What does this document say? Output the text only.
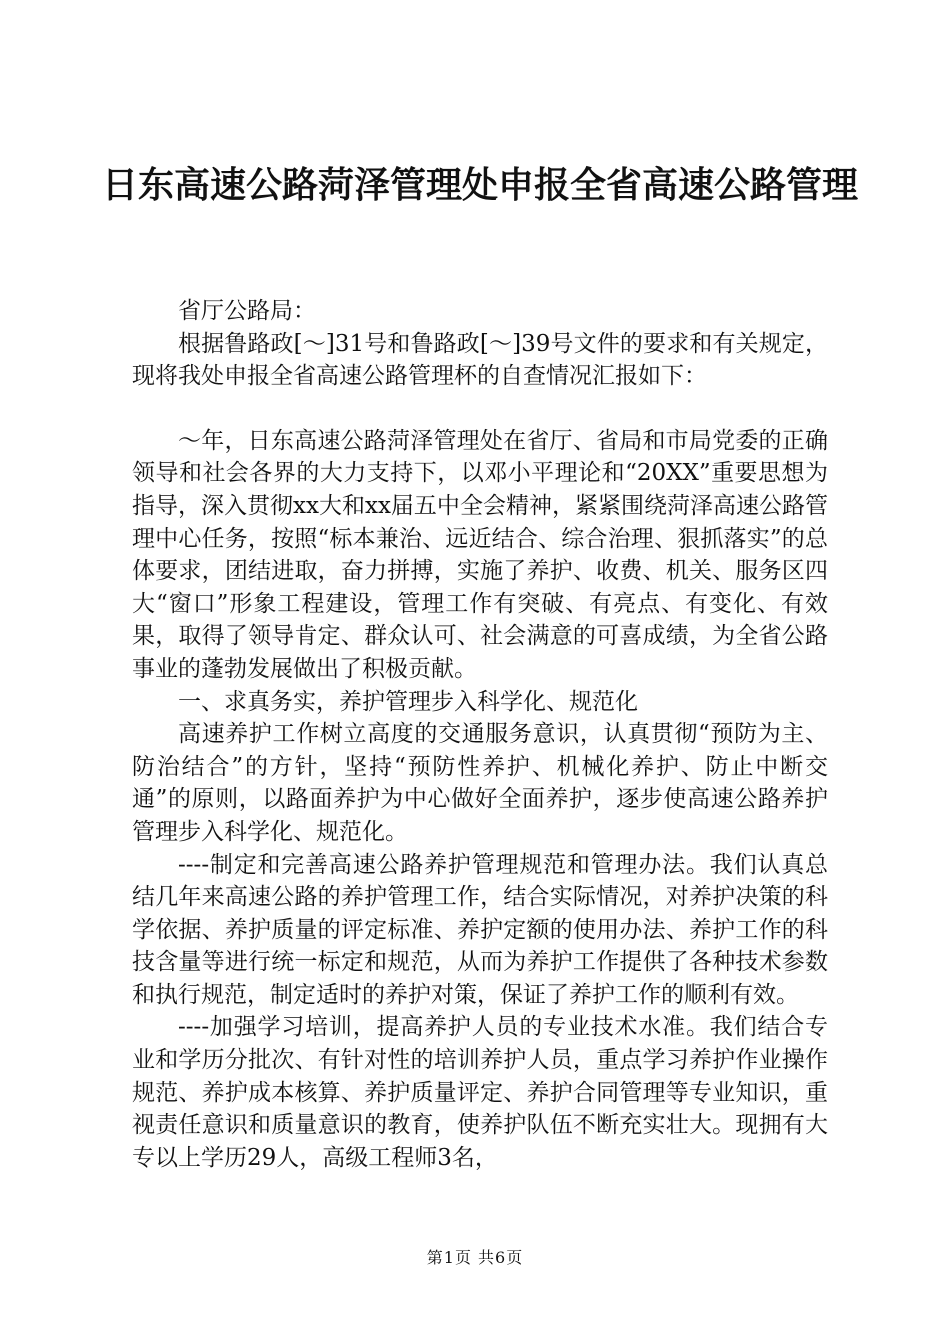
日东高速公路菏泽管理处申报全省高速公路管理

省厅公路局：

根据鲁路政[～]31号和鲁路政[～]39号文件的要求和有关规定，现将我处申报全省高速公路管理杯的自查情况汇报如下：

～年，日东高速公路菏泽管理处在省厅、省局和市局党委的正确领导和社会各界的大力支持下，以邓小平理论和“20XX”重要思想为指导，深入贯彻xx大和xx届五中全会精神，紧紧围绕菏泽高速公路管理中心任务，按照“标本兼治、远近结合、综合治理、狠抓落实”的总体要求，团结进取，奋力拼搏，实施了养护、收费、机关、服务区四大“窗口”形象工程建设，管理工作有突破、有亮点、有变化、有效果，取得了领导肯定、群众认可、社会满意的可喜成绩，为全省公路事业的蓬勃发展做出了积极贡献。

一、求真务实，养护管理步入科学化、规范化

高速养护工作树立高度的交通服务意识，认真贯彻“预防为主、防治结合”的方针，坚持“预防性养护、机械化养护、防止中断交通”的原则，以路面养护为中心做好全面养护，逐步使高速公路养护管理步入科学化、规范化。

----制定和完善高速公路养护管理规范和管理办法。我们认真总结几年来高速公路的养护管理工作，结合实际情况，对养护决策的科学依据、养护质量的评定标准、养护定额的使用办法、养护工作的科技含量等进行统一标定和规范，从而为养护工作提供了各种技术参数和执行规范，制定适时的养护对策，保证了养护工作的顺利有效。

----加强学习培训，提高养护人员的专业技术水准。我们结合专业和学历分批次、有针对性的培训养护人员，重点学习养护作业操作规范、养护成本核算、养护质量评定、养护合同管理等专业知识，重视责任意识和质量意识的教育，使养护队伍不断充实壮大。现拥有大专以上学历29人，高级工程师3名，

第1页 共6页
